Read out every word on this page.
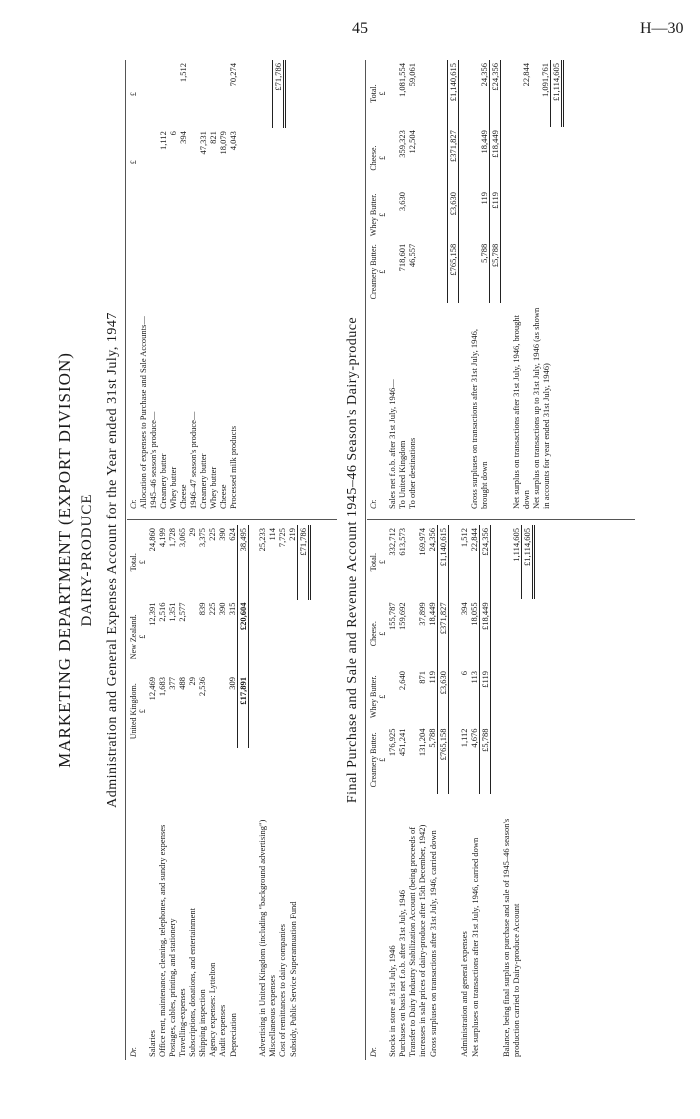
45	H—30
MARKETING DEPARTMENT (EXPORT DIVISION) DAIRY-PRODUCE Administration and General Expenses Account for the Year ended 31st July, 1947
Dr.	United Kingdom.	New Zealand.	Total.
	£	£	£
Salaries	12,469	12,391	24,860
Office rent, maintenance, cleaning, telephones, and sundry expenses	1,683	2,516	4,199
Postages, cables, printing, and stationery	377	1,351	1,728
Travelling-expenses	488	2,577	3,065
Subscriptions, donations, and entertainment	29		29
Shipping inspection	2,536	839	3,375
Agency expenses: Lyttelton		225	225
Audit expenses		390	390
Depreciation	309	315	624
	£17,891	£20,604	38,495

Advertising in United Kingdom (including "background advertising")			25,233
Miscellaneous expenses			114
Cost of remittances to dairy companies			7,725
Subsidy, Public Service Superannuation Fund			219
			£71,786
Cr.	£	£
Allocation of expenses to Purchase and Sale Accounts—		
1945–46 season's produce—		
Creamery butter	1,112	
Whey butter	6	
Cheese	394	1,512
1946–47 season's produce—		
Creamery butter	47,331	
Whey butter	821	
Cheese	18,079	
Processed milk products	4,043	70,274

		£71,786
Final Purchase and Sale and Revenue Account 1945–46 Season's Dairy-produce
Dr.	Creamery Butter.	Whey Butter.	Cheese.	Total.
	£	£	£	£
Stocks in store at 31st July, 1946	176,925		155,787	332,712
Purchases on basis net f.o.b. after 31st July, 1946	451,241	2,640	159,692	613,573
Transfer to Dairy Industry Stabilization Account (being proceeds of increases in sale prices of dairy-produce after 15th December, 1942)	131,204	871	37,899	169,974
Gross surpluses on transactions after 31st July, 1946, carried down	5,788	119	18,449	24,356
	£765,158	£3,630	£371,827	£1,140,615

Administration and general expenses	1,112	6	394	1,512
Net surpluses on transactions after 31st July, 1946, carried down	4,676	113	18,055	22,844
	£5,788	£119	£18,449	£24,356

Balance, being final surplus on purchase and sale of 1945–46 season's production carried to Dairy-produce Account				1,114,605
				£1,114,605
Cr.	Creamery Butter.	Whey Butter.	Cheese.	Total.
	£	£	£	£
Sales net f.o.b. after 31st July, 1946—				
To United Kingdom	718,601	3,630	359,323	1,081,554
To other destinations	46,557		12,504	59,061

	£765,158	£3,630	£371,827	£1,140,615

Gross surpluses on transactions after 31st July, 1946, brought down	5,788	119	18,449	24,356
	£5,788	£119	£18,449	£24,356

Net surplus on transactions after 31st July, 1946, brought down				22,844
Net surplus on transactions up to 31st July, 1946 (as shown in accounts for year ended 31st July, 1946)				1,091,761
				£1,114,605
